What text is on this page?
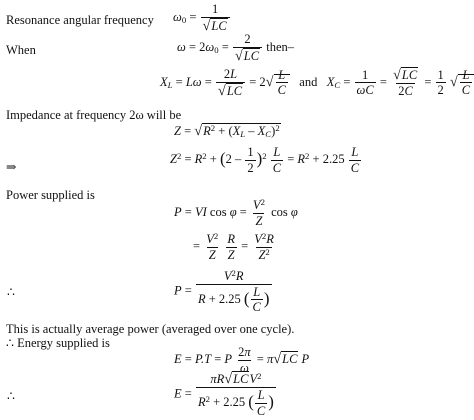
Resonance angular frequency $\omega_0 = \frac{1}{√LC}$
When	$\omega = 2\omega_0 = \frac{2}{√LC}$ then–
$X_L = L\omega = \frac{2L}{√LC} = 2√ \frac{L}{C}$ and $X_C = \frac{1}{\omega C} = \frac{√LC}{2C} = \frac{1}{2}$ √ $\frac{L}{C}$
Impedance at frequency 2ω will be
$Z = √R^2 + (X_L - X_C)^2$
⇒
$Z^2 = R^2 + (2 - \frac{1}{2} )^2 \frac{L}{C} = R^2 + 2.25 \frac{L}{C}$
Power supplied is
P = VI $\cos \varphi = \frac{V^2}{Z}$ cos φ
= $\frac{V^2}{Z}$
$\frac{R}{Z} = \frac{V^2R}{Z^2}$
∴	$P = \frac{V^2R}{R + 2.25 ( \frac{L}{C} )}$
This is actually average power (averaged over one cycle).
∴ Energy supplied is
E = P.T = P $\frac{2\pi}{\omega} = \pi√LC$ P
∴	$E = \frac{\pi R√LCV^2}{R^2 + 2.25 ( \frac{L}{C} )}$
